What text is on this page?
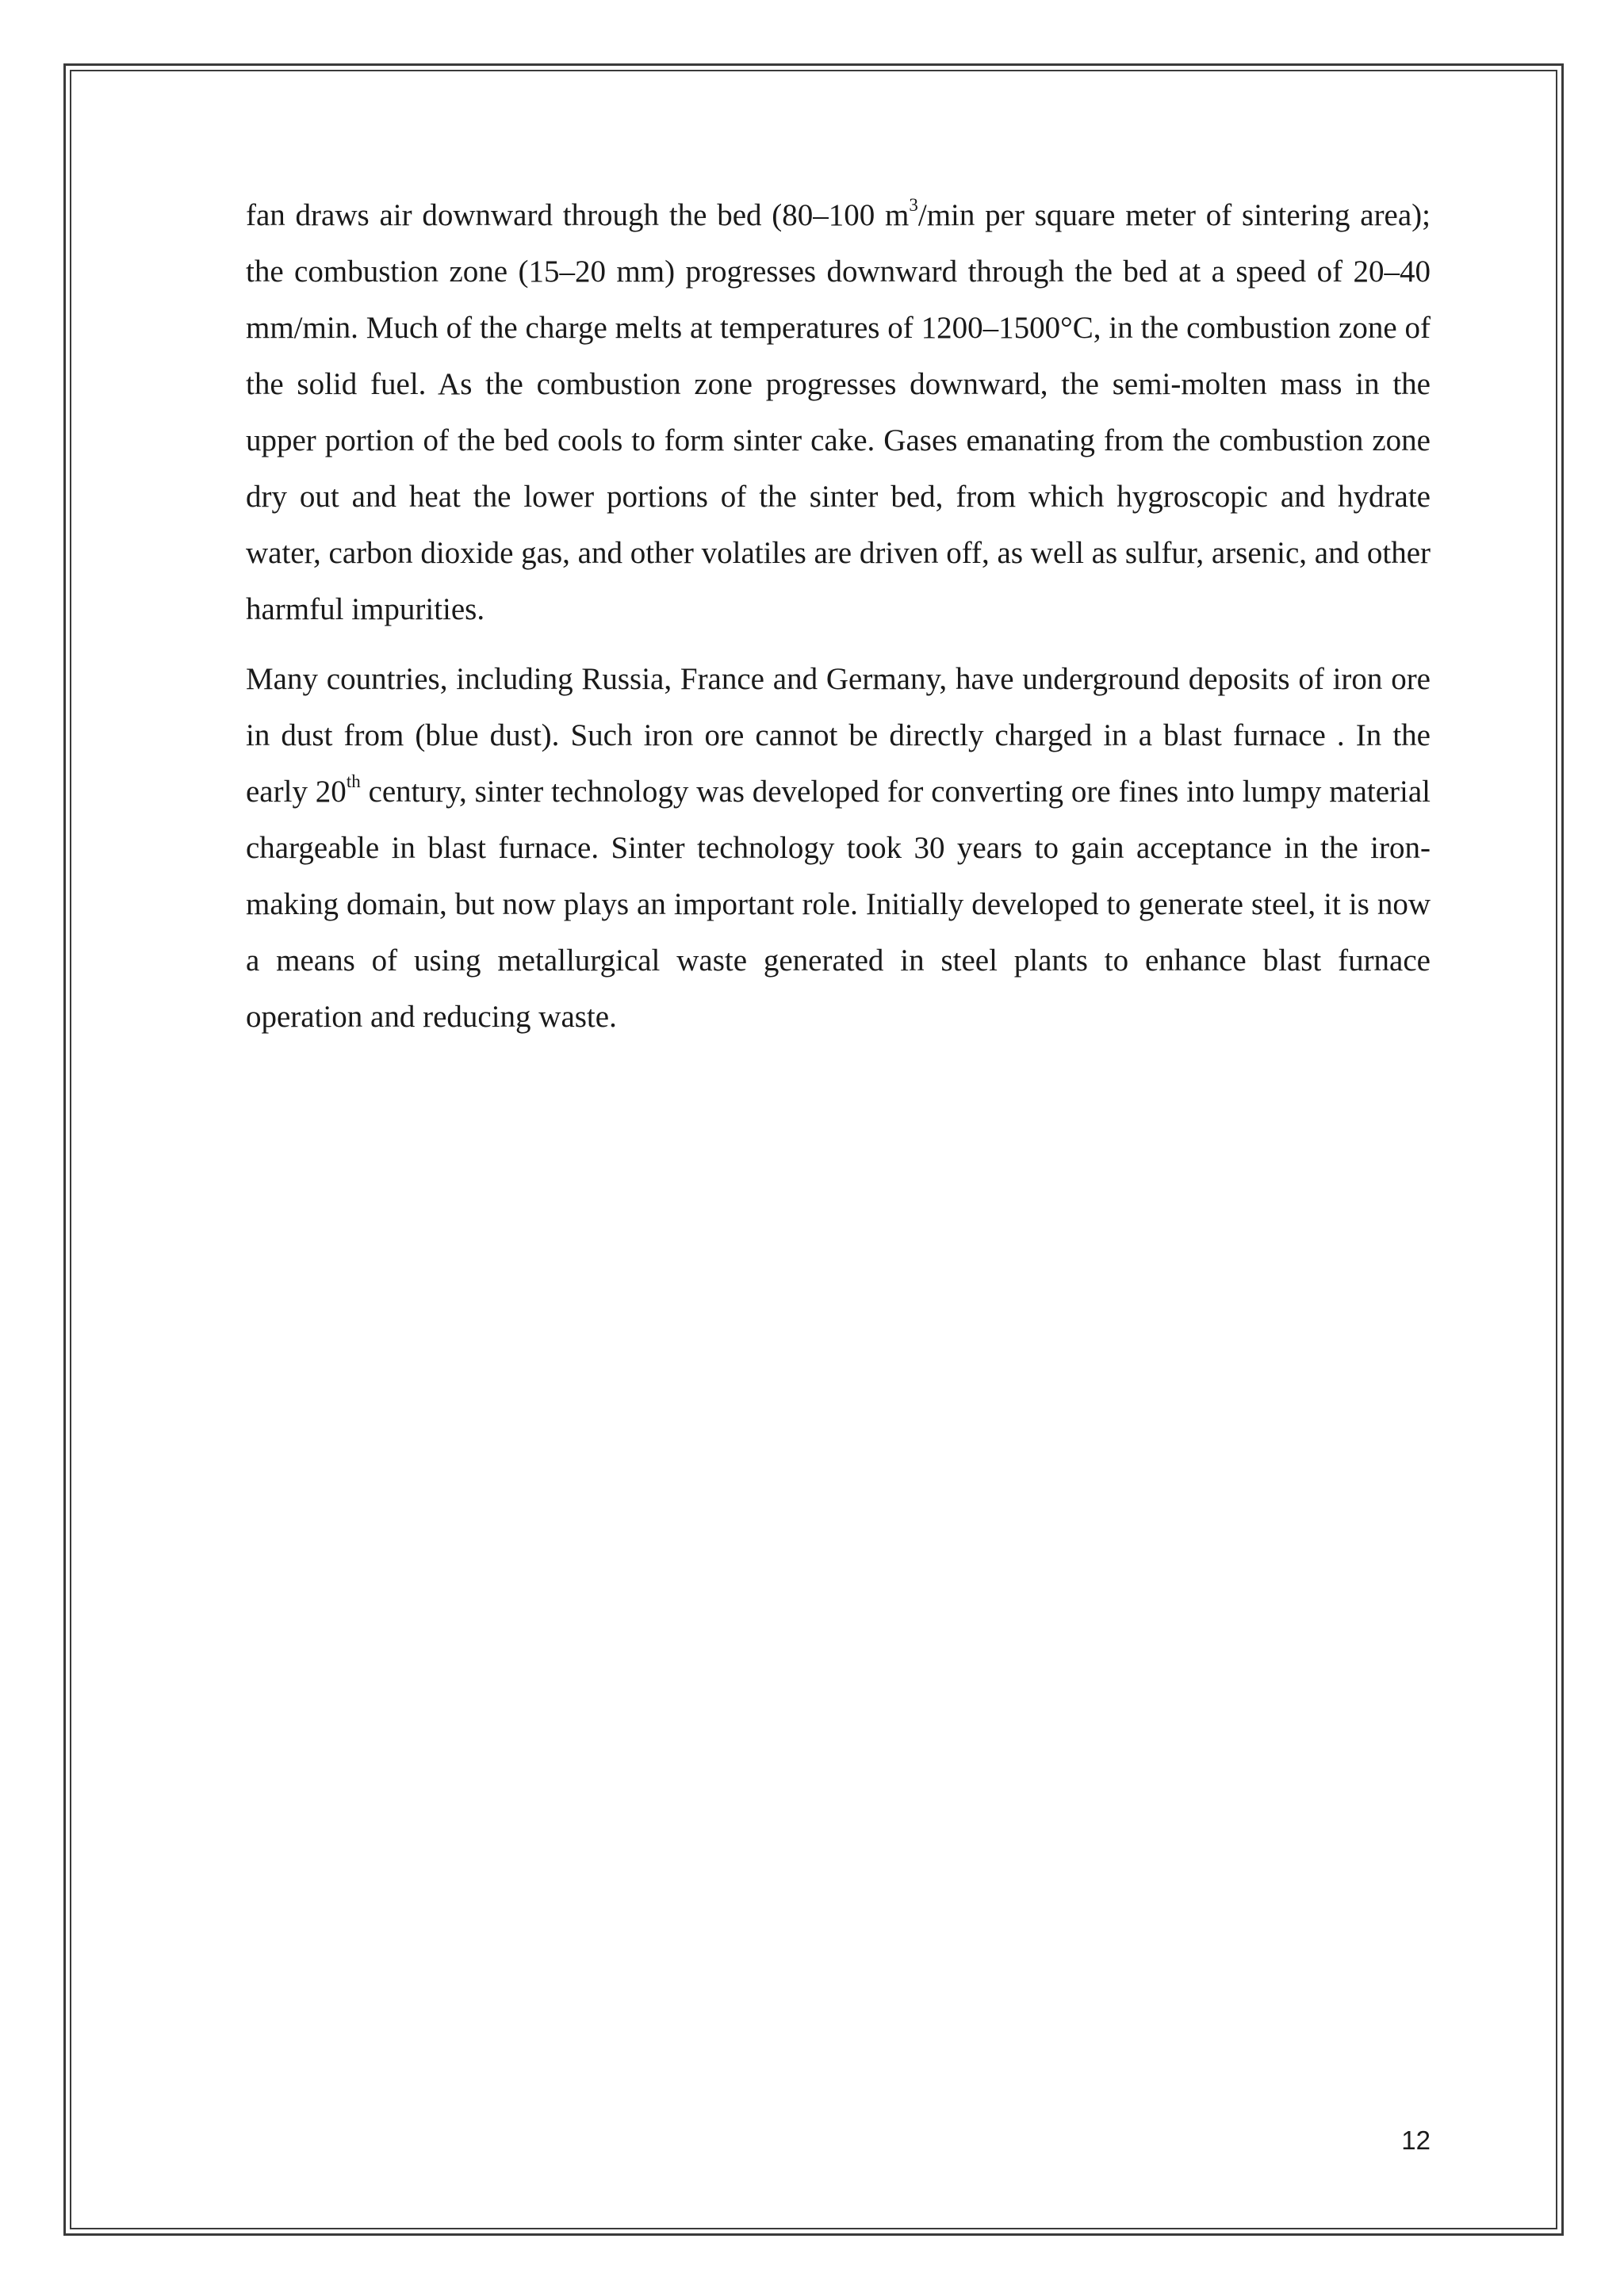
fan draws air downward through the bed (80–100 $m^3/\min$ per square meter of sintering area); the combustion zone (15–20 mm) progresses downward through the bed at a speed of 20–40 mm/min. Much of the charge melts at temperatures of 1200–1500°C, in the combustion zone of the solid fuel. As the combustion zone progresses downward, the semi-molten mass in the upper portion of the bed cools to form sinter cake. Gases emanating from the combustion zone dry out and heat the lower portions of the sinter bed, from which hygroscopic and hydrate water, carbon dioxide gas, and other volatiles are driven off, as well as sulfur, arsenic, and other harmful impurities.

Many countries, including Russia, France and Germany, have underground deposits of iron ore in dust from (blue dust). Such iron ore cannot be directly charged in a blast furnace . In the early 20th century, sinter technology was developed for converting ore fines into lumpy material chargeable in blast furnace. Sinter technology took 30 years to gain acceptance in the iron- making domain, but now plays an important role. Initially developed to generate steel, it is now a means of using metallurgical waste generated in steel plants to enhance blast furnace operation and reducing waste.

12
